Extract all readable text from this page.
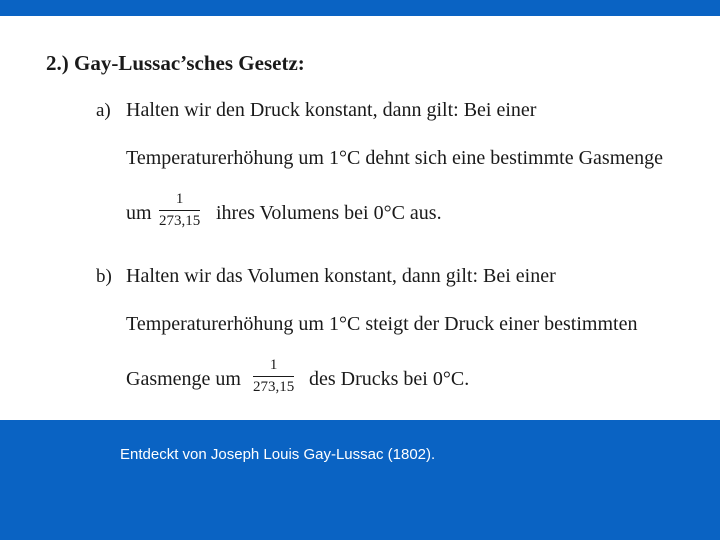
2.) Gay-Lussac’sches Gesetz:
a) Halten wir den Druck konstant, dann gilt: Bei einer
Temperaturerhöhung um 1°C dehnt sich eine bestimmte Gasmenge
um
1
273,15 ihres Volumens bei 0°C aus.
b) Halten wir das Volumen konstant, dann gilt: Bei einer
Temperaturerhöhung um 1°C steigt der Druck einer bestimmten
Gasmenge um
1
273,15 des Drucks bei 0°C.
Entdeckt von Joseph Louis Gay-Lussac (1802).
